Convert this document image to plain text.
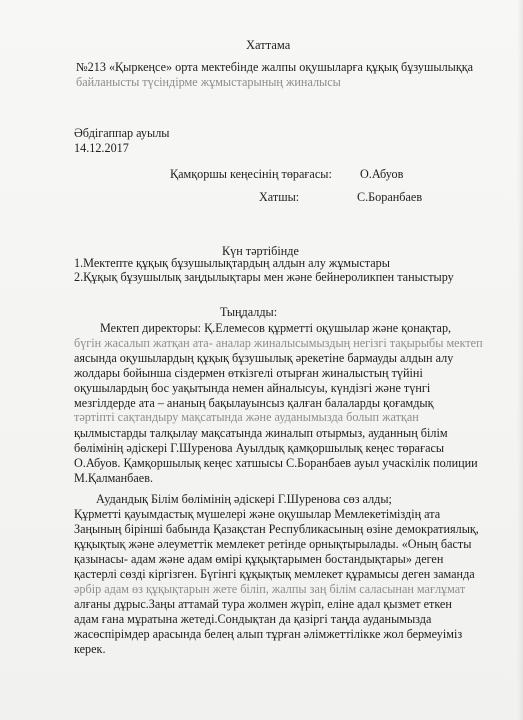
Хаттама
№213 «Қыркеңсе» орта мектебінде жалпы оқушыларға құқық бұзушылыққа
байланысты түсіндірме жұмыстарының жиналысы
Әбдігаппар ауылы
14.12.2017
Қамқоршы кеңесінің төрағасы: О.Абуов
Хатшы:	С.Боранбаев
Күн тәртібінде
1.Мектепте құқық бұзушылықтардың алдын алу жұмыстары
2.Құқық бұзушылық заңдылықтары мен және бейнероликпен таныстыру
Тыңдалды:
Мектеп директоры: Қ.Елемесов құрметті оқушылар және қонақтар,
бүгін жасалып жатқан ата- аналар жиналысымыздың негізгі тақырыбы мектеп
аясында оқушылардың құқық бұзушылық әрекетіне бармауды алдын алу
жолдары бойынша сіздермен өткізгелі отырған жиналыстың түйіні
оқушылардың бос уақытында немен айналысуы, күндізгі және түнгі
мезгілдерде ата – ананың бақылауынсыз қалған балаларды қоғамдық
тәртіпті сақтандыру мақсатында және ауданымызда болып жатқан
қылмыстарды талқылау мақсатында жиналып отырмыз, ауданның білім
бөлімінің әдіскері Г.Шуренова Ауылдық қамқоршылық кеңес төрағасы
О.Абуов. Қамқоршылық кеңес хатшысы С.Боранбаев ауыл учаскілік полиции
М.Қалманбаев.
Аудандық Білім бөлімінің әдіскері Г.Шуренова сөз алды;
Құрметті қауымдастық мүшелері және оқушылар Мемлекетіміздің ата
Заңының бірінші бабында Қазақстан Республикасының өзіне демократиялық,
құқықтық және әлеуметтік мемлекет ретінде орнықтырылады. «Оның басты
қазынасы- адам және адам өмірі құқықтарымен бостандықтары» деген
қастерлі сөзді кіргізген. Бүгінгі құқықтық мемлекет құрамысы деген заманда
әрбір адам өз құқықтарын жете біліп, жалпы заң білім саласынан мағлұмат
алғаны дұрыс.Заңы аттамай тура жолмен жүріп, еліне адал қызмет еткен
адам ғана мұратына жетеді.Сондықтан да қазіргі таңда ауданымызда
жасөспірімдер арасында белең алып тұрған әлімжеттілікке жол бермеуіміз
керек.
